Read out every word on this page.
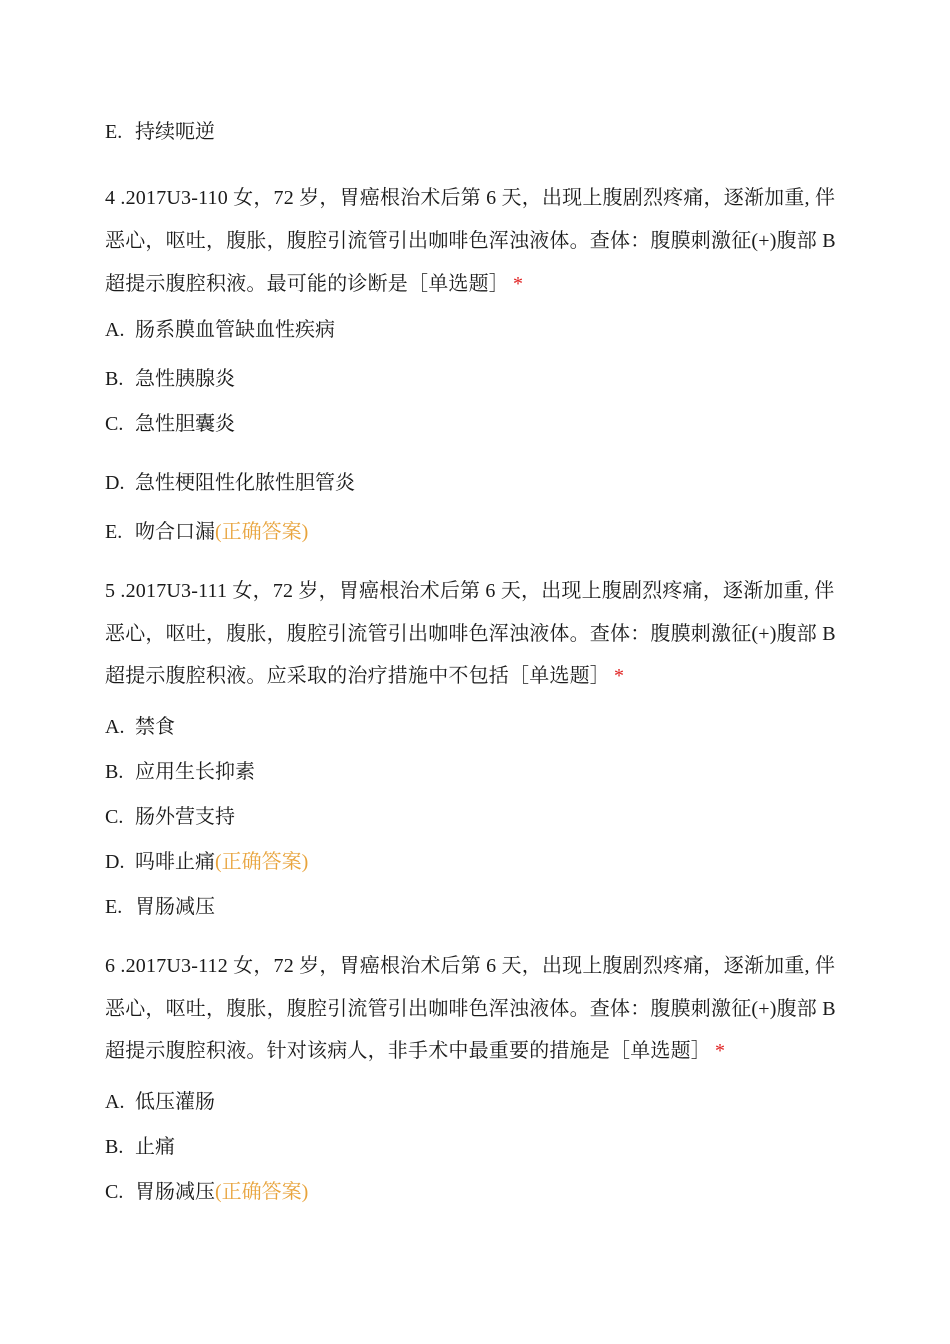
E. 持续呃逆
4 .2017U3-110 女，72 岁，胃癌根治术后第 6 天，出现上腹剧烈疼痛，逐渐加重, 伴
恶心，呕吐，腹胀，腹腔引流管引出咖啡色浑浊液体。查体：腹膜刺激征(+)腹部 B
超提示腹腔积液。最可能的诊断是［单选题］ *
A. 肠系膜血管缺血性疾病
B. 急性胰腺炎
C. 急性胆囊炎
D. 急性梗阻性化脓性胆管炎
E. 吻合口漏(正确答案)
5 .2017U3-111 女，72 岁，胃癌根治术后第 6 天，出现上腹剧烈疼痛，逐渐加重, 伴
恶心，呕吐，腹胀，腹腔引流管引出咖啡色浑浊液体。查体：腹膜刺激征(+)腹部 B
超提示腹腔积液。应采取的治疗措施中不包括［单选题］ *
A. 禁食
B. 应用生长抑素
C. 肠外营支持
D. 吗啡止痛(正确答案)
E. 胃肠减压
6 .2017U3-112 女，72 岁，胃癌根治术后第 6 天，出现上腹剧烈疼痛，逐渐加重, 伴
恶心，呕吐，腹胀，腹腔引流管引出咖啡色浑浊液体。查体：腹膜刺激征(+)腹部 B
超提示腹腔积液。针对该病人，非手术中最重要的措施是［单选题］ *
A. 低压灌肠
B. 止痛
C. 胃肠减压(正确答案)
